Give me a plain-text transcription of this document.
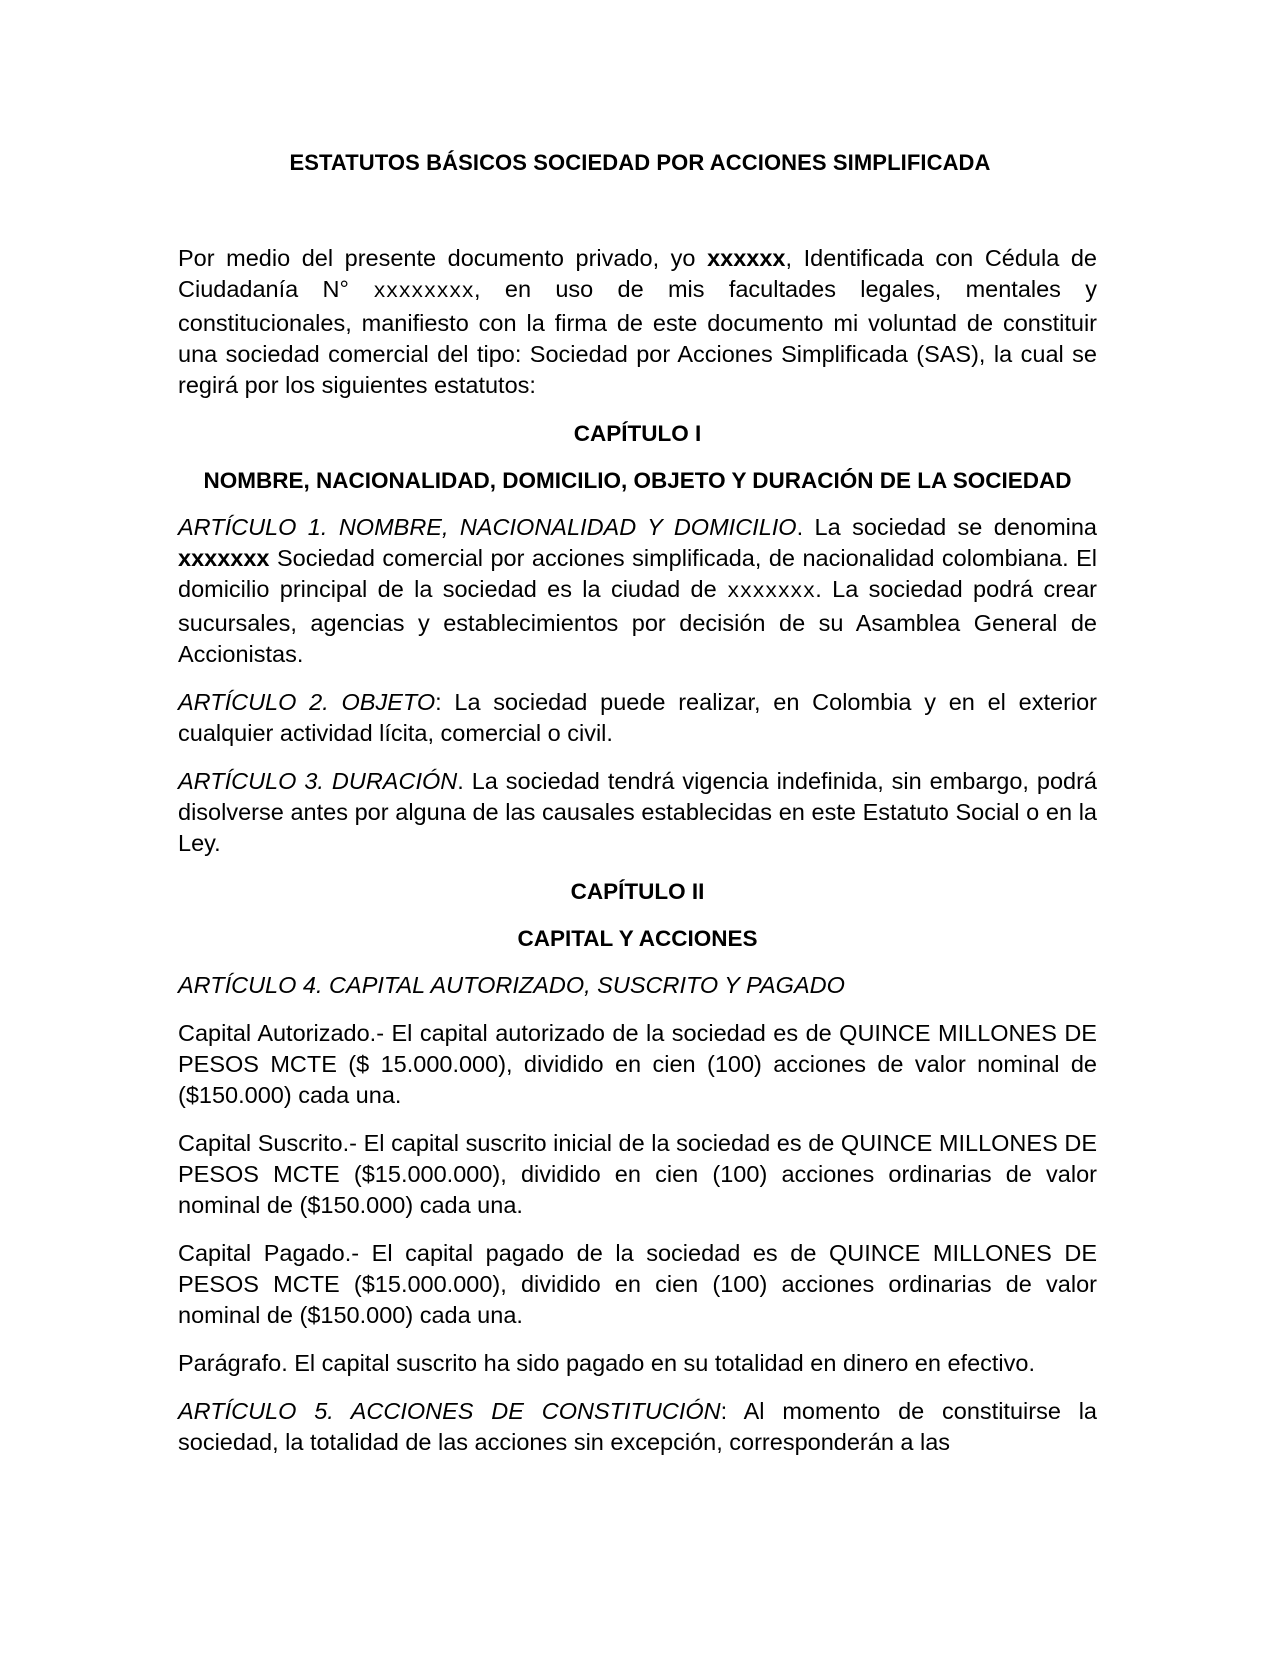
ESTATUTOS BÁSICOS SOCIEDAD POR ACCIONES SIMPLIFICADA

Por medio del presente documento privado, yo xxxxxx, Identificada con Cédula de Ciudadanía N° xxxxxxxx, en uso de mis facultades legales, mentales y constitucionales, manifiesto con la firma de este documento mi voluntad de constituir una sociedad comercial del tipo: Sociedad por Acciones Simplificada (SAS), la cual se regirá por los siguientes estatutos:

CAPÍTULO I

NOMBRE, NACIONALIDAD, DOMICILIO, OBJETO Y DURACIÓN DE LA SOCIEDAD

ARTÍCULO 1. NOMBRE, NACIONALIDAD Y DOMICILIO. La sociedad se denomina xxxxxxx Sociedad comercial por acciones simplificada, de nacionalidad colombiana. El domicilio principal de la sociedad es la ciudad de xxxxxxx. La sociedad podrá crear sucursales, agencias y establecimientos por decisión de su Asamblea General de Accionistas.

ARTÍCULO 2. OBJETO: La sociedad puede realizar, en Colombia y en el exterior cualquier actividad lícita, comercial o civil.

ARTÍCULO 3. DURACIÓN. La sociedad tendrá vigencia indefinida, sin embargo, podrá disolverse antes por alguna de las causales establecidas en este Estatuto Social o en la Ley.

CAPÍTULO II

CAPITAL Y ACCIONES

ARTÍCULO 4. CAPITAL AUTORIZADO, SUSCRITO Y PAGADO

Capital Autorizado.- El capital autorizado de la sociedad es de QUINCE MILLONES DE PESOS MCTE ($ 15.000.000), dividido en cien (100) acciones de valor nominal de ($150.000) cada una.

Capital Suscrito.- El capital suscrito inicial de la sociedad es de QUINCE MILLONES DE PESOS MCTE ($15.000.000), dividido en cien (100) acciones ordinarias de valor nominal de ($150.000) cada una.

Capital Pagado.- El capital pagado de la sociedad es de QUINCE MILLONES DE PESOS MCTE ($15.000.000), dividido en cien (100) acciones ordinarias de valor nominal de ($150.000) cada una.

Parágrafo. El capital suscrito ha sido pagado en su totalidad en dinero en efectivo.

ARTÍCULO 5. ACCIONES DE CONSTITUCIÓN: Al momento de constituirse la sociedad, la totalidad de las acciones sin excepción, corresponderán a las
